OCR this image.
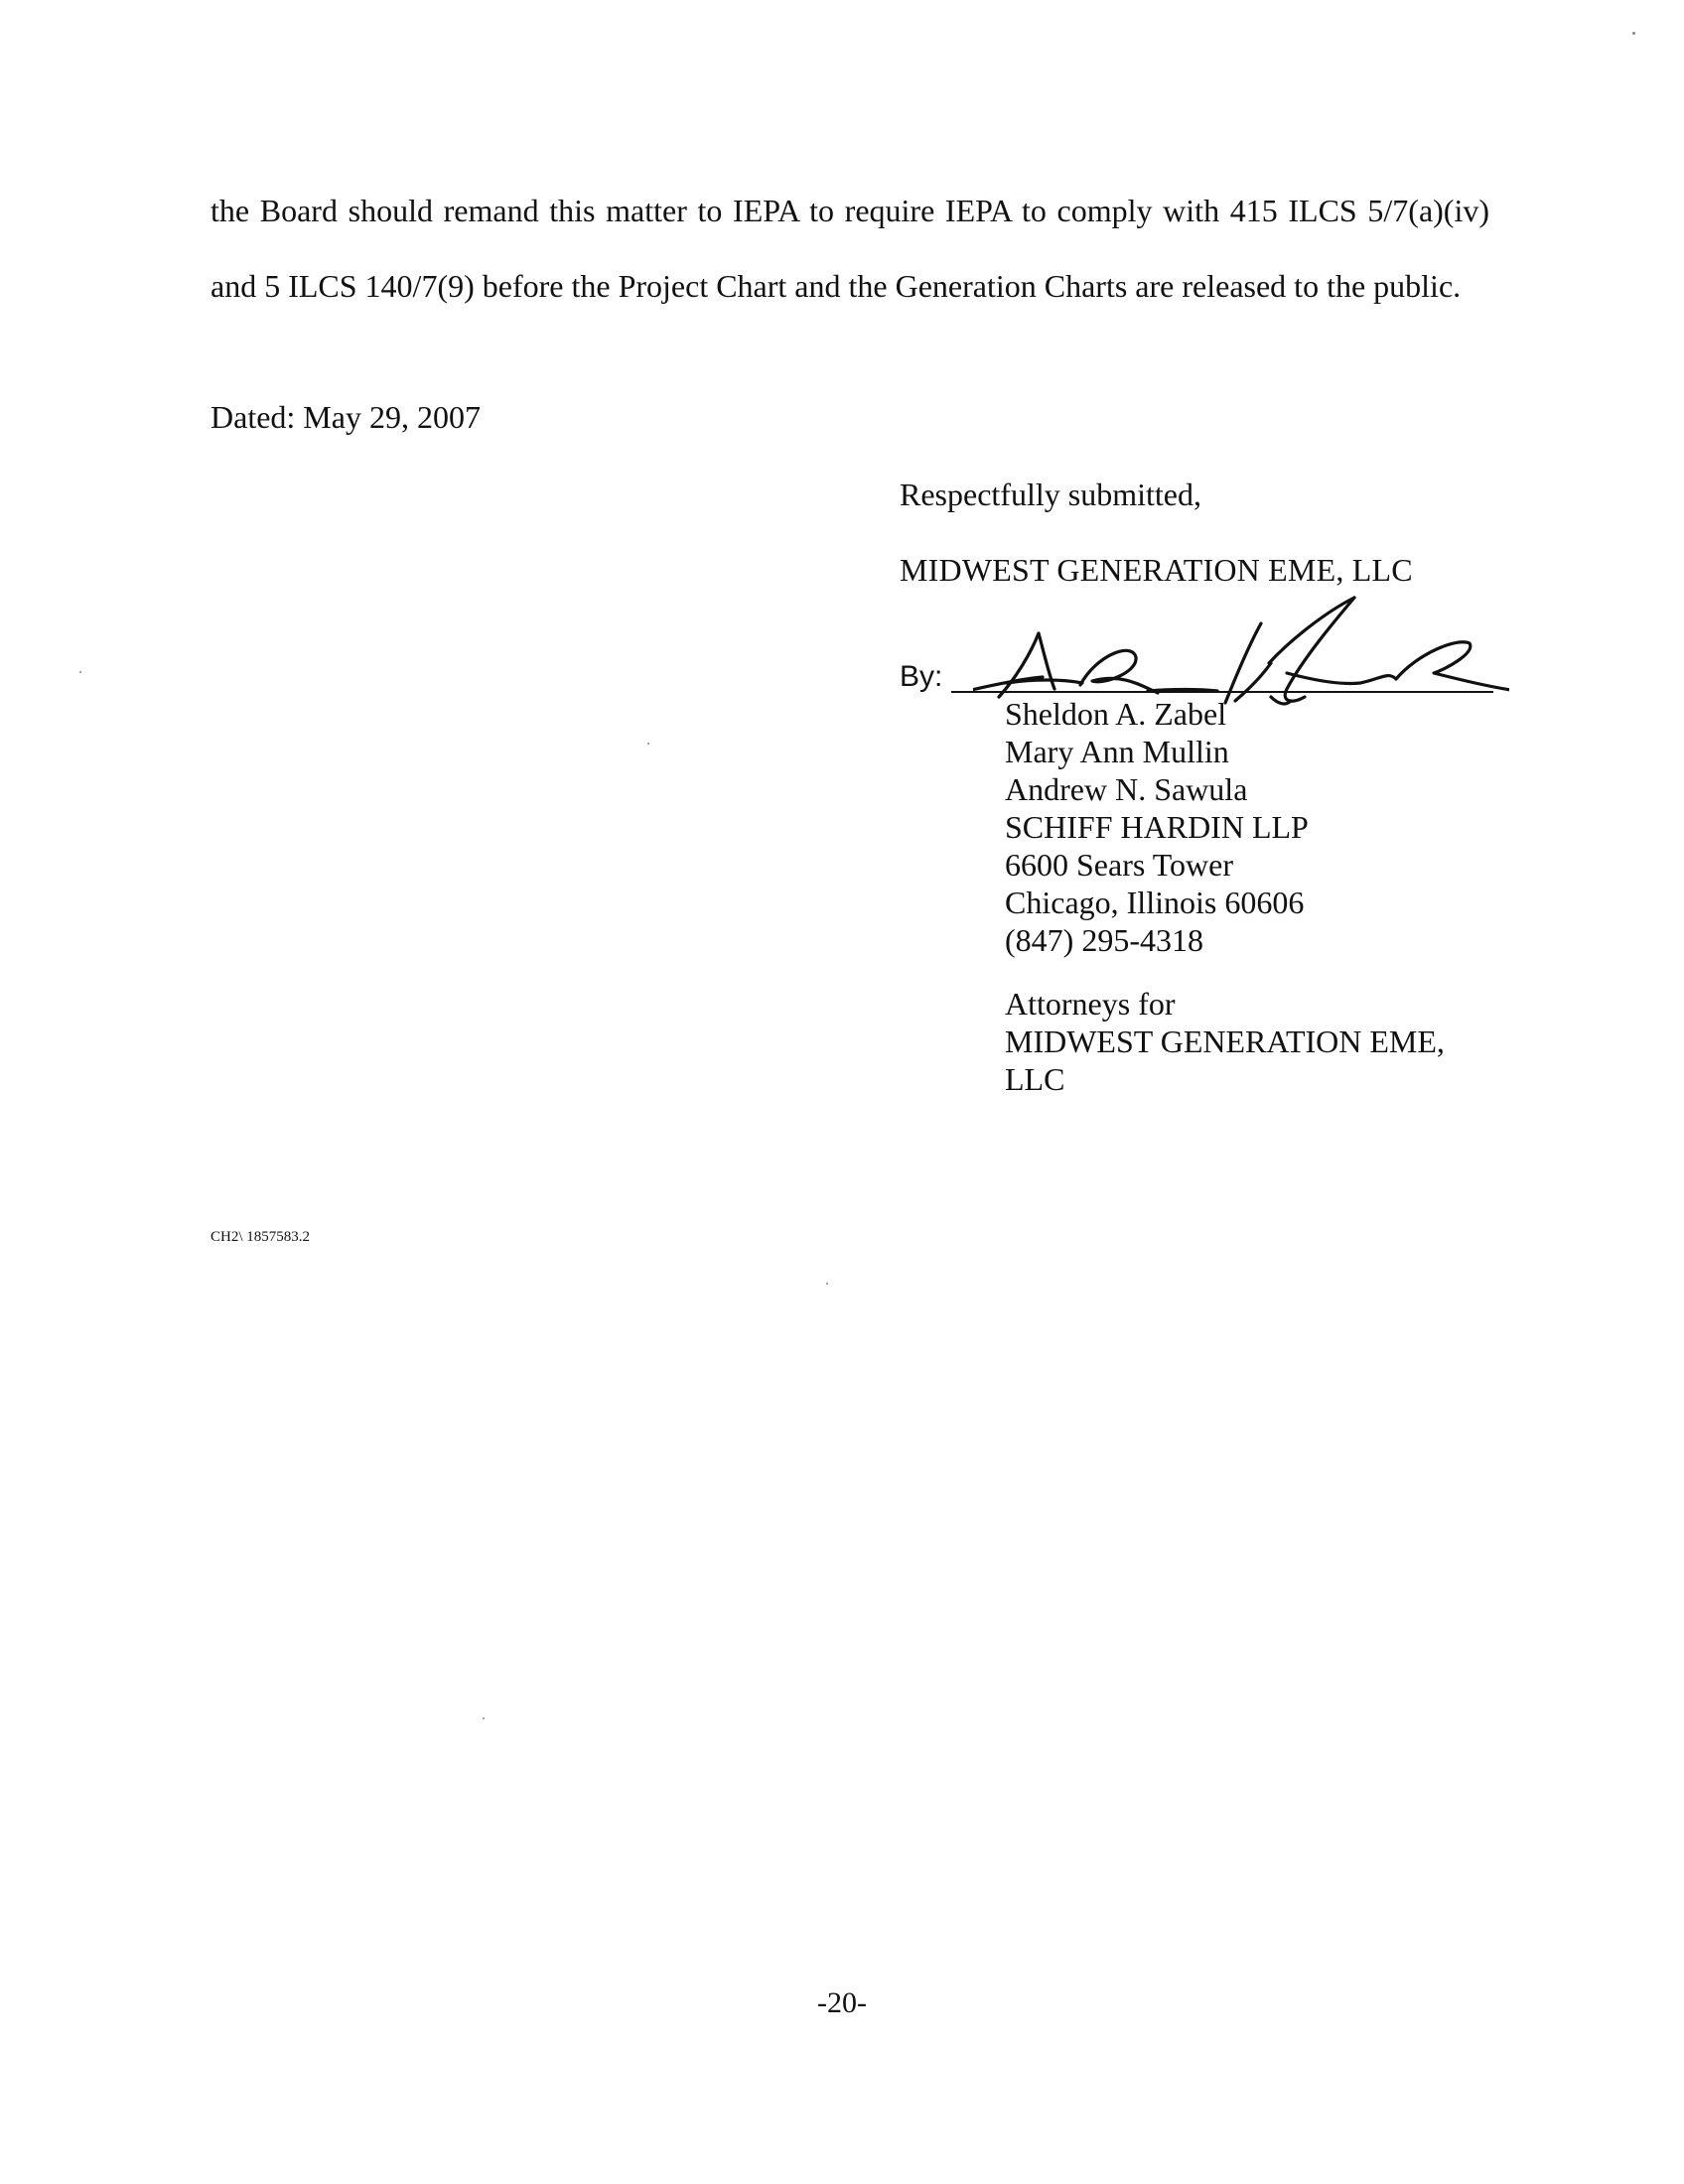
the Board should remand this matter to IEPA to require IEPA to comply with 415 ILCS 5/7(a)(iv) and 5 ILCS 140/7(9) before the Project Chart and the Generation Charts are released to the public.

Dated: May 29, 2007

Respectfully submitted,

MIDWEST GENERATION EME, LLC

By:

Sheldon A. Zabel
Mary Ann Mullin
Andrew N. Sawula
SCHIFF HARDIN LLP
6600 Sears Tower
Chicago, Illinois 60606
(847) 295-4318
Attorneys for
MIDWEST GENERATION EME,
LLC

CH2\ 1857583.2

-20-
